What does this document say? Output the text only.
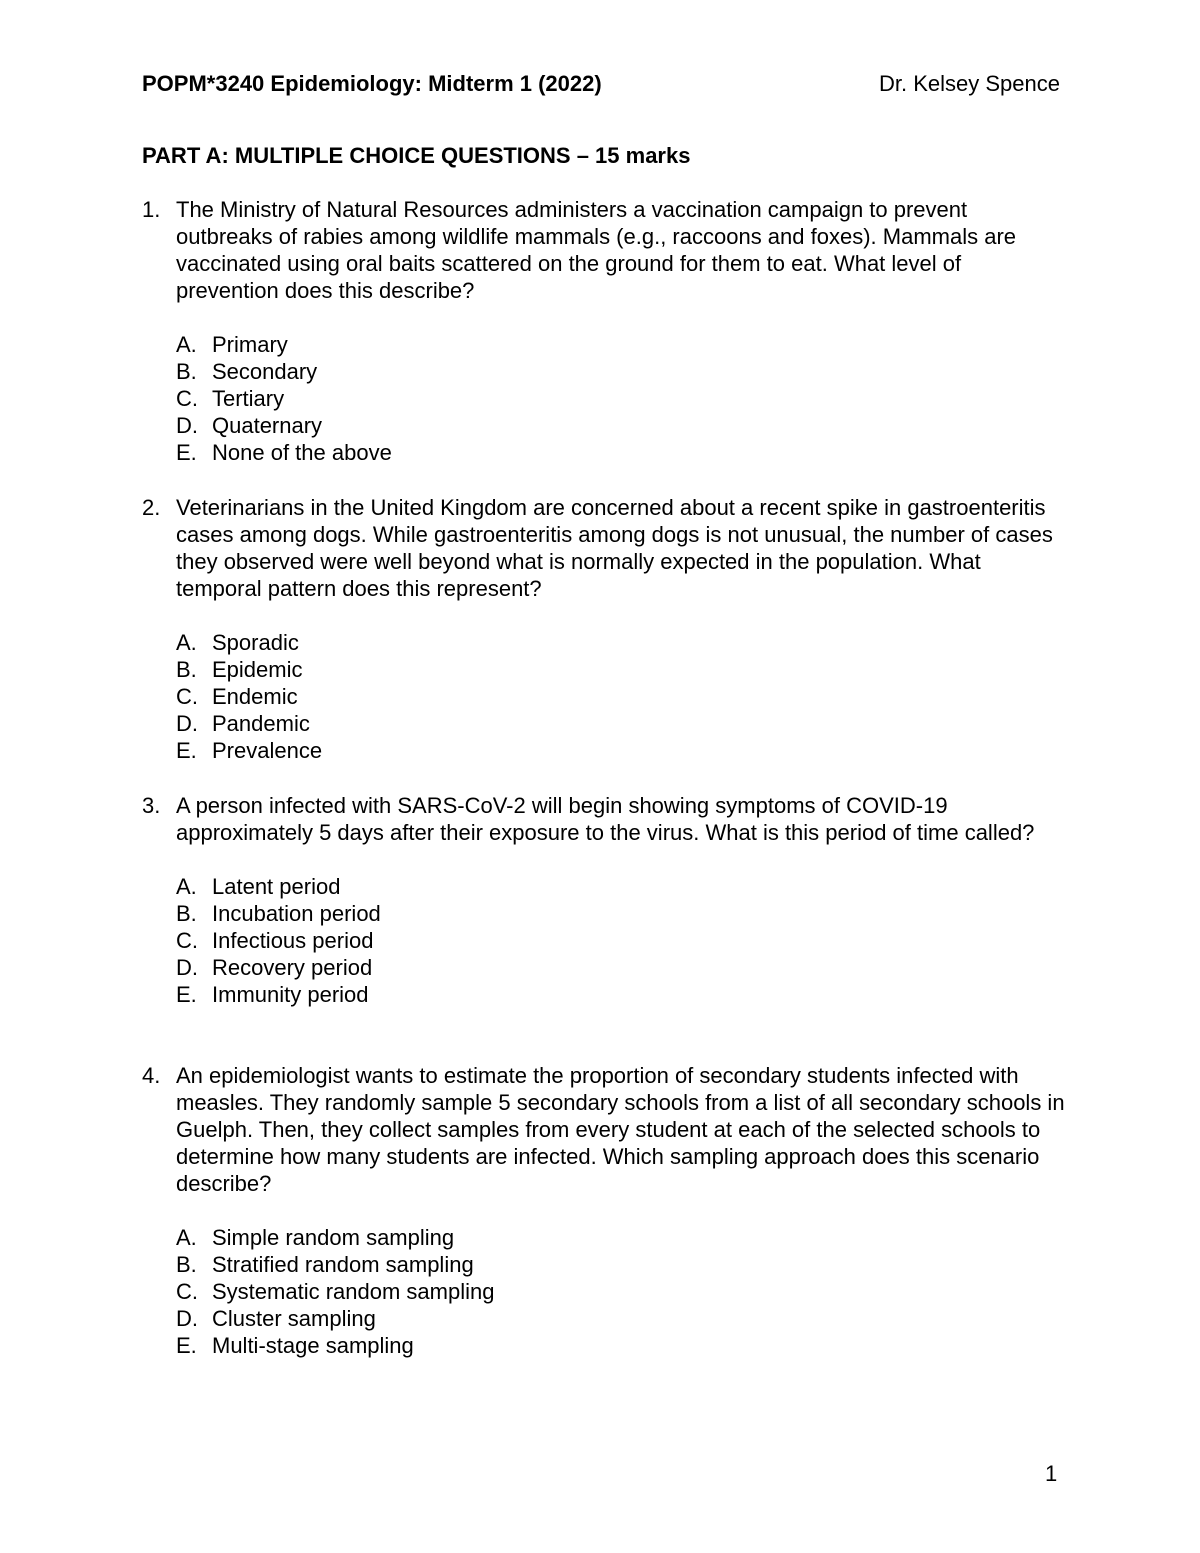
POPM*3240 Epidemiology: Midterm 1 (2022)	Dr. Kelsey Spence
PART A: MULTIPLE CHOICE QUESTIONS – 15 marks
1. The Ministry of Natural Resources administers a vaccination campaign to prevent outbreaks of rabies among wildlife mammals (e.g., raccoons and foxes). Mammals are vaccinated using oral baits scattered on the ground for them to eat. What level of prevention does this describe?
A. Primary
B. Secondary
C. Tertiary
D. Quaternary
E. None of the above
2. Veterinarians in the United Kingdom are concerned about a recent spike in gastroenteritis cases among dogs. While gastroenteritis among dogs is not unusual, the number of cases they observed were well beyond what is normally expected in the population. What temporal pattern does this represent?
A. Sporadic
B. Epidemic
C. Endemic
D. Pandemic
E. Prevalence
3. A person infected with SARS-CoV-2 will begin showing symptoms of COVID-19 approximately 5 days after their exposure to the virus. What is this period of time called?
A. Latent period
B. Incubation period
C. Infectious period
D. Recovery period
E. Immunity period
4. An epidemiologist wants to estimate the proportion of secondary students infected with measles. They randomly sample 5 secondary schools from a list of all secondary schools in Guelph. Then, they collect samples from every student at each of the selected schools to determine how many students are infected. Which sampling approach does this scenario describe?
A. Simple random sampling
B. Stratified random sampling
C. Systematic random sampling
D. Cluster sampling
E. Multi-stage sampling
1
